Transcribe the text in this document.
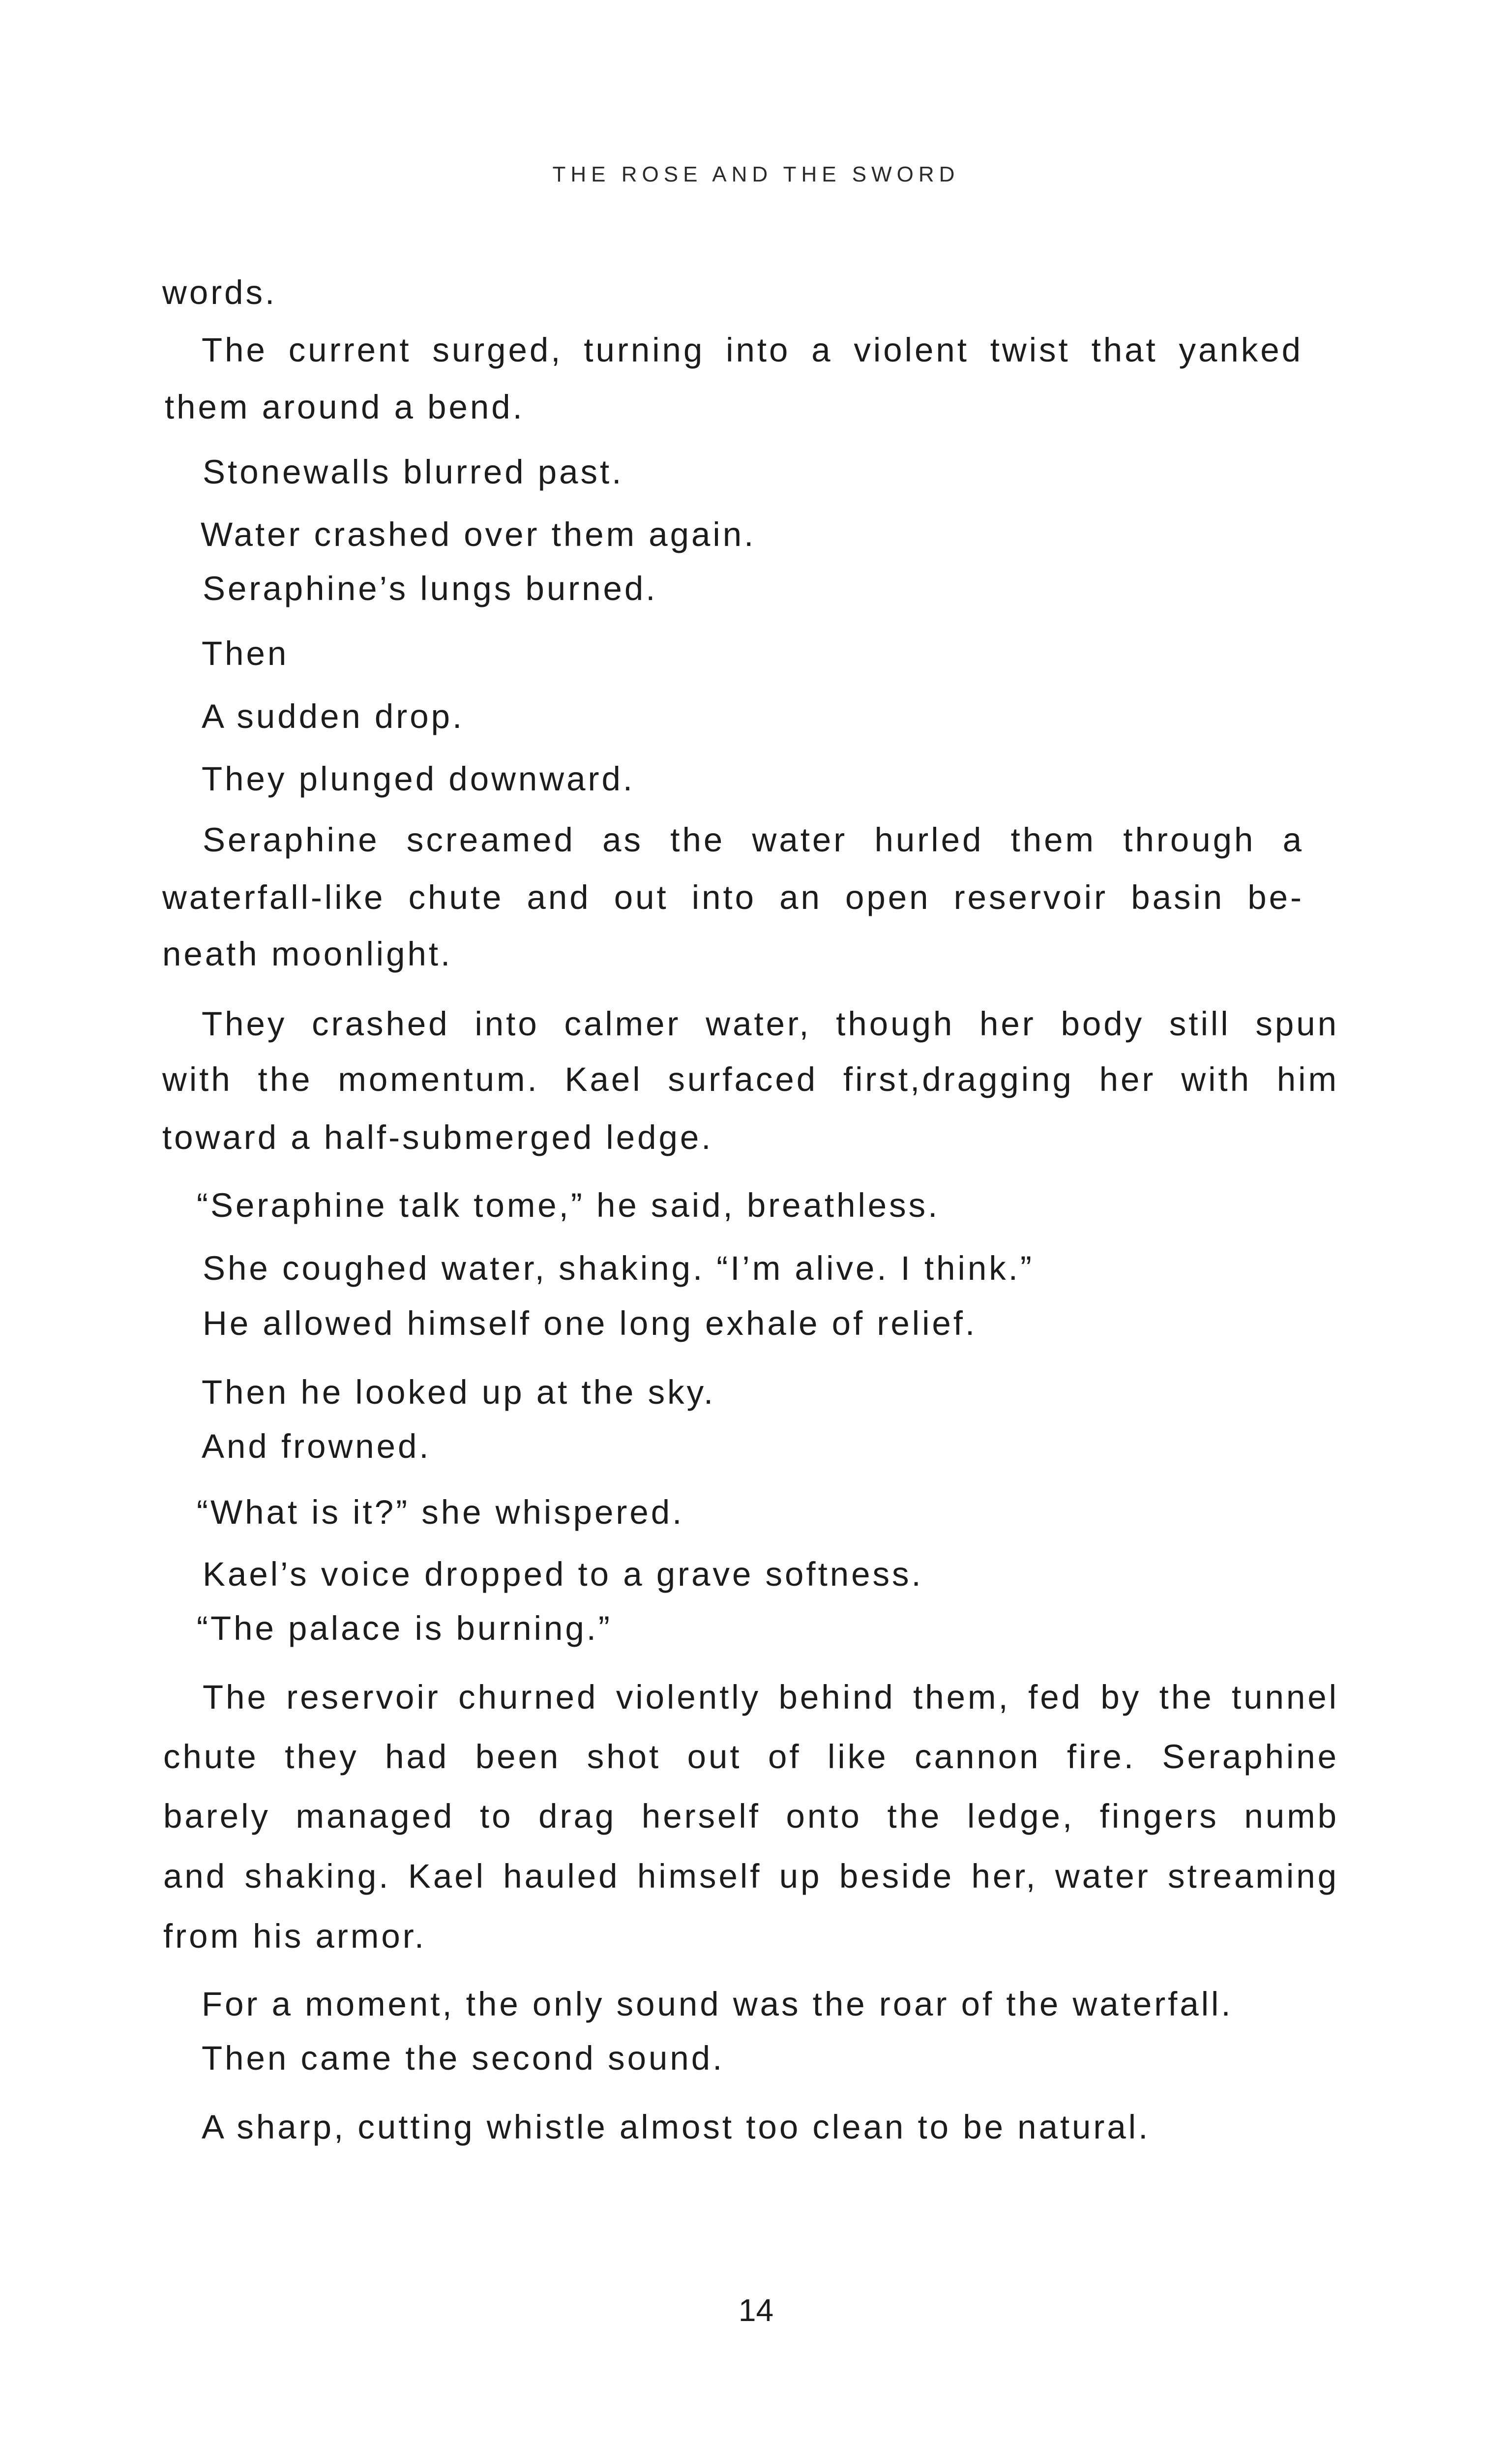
THE ROSE AND THE SWORD
words.
The current surged, turning into a violent twist that yanked
them around a bend.
Stonewalls blurred past.
Water crashed over them again.
Seraphine’s lungs burned.
Then
A sudden drop.
They plunged downward.
Seraphine screamed as the water hurled them through a
waterfall-like chute and out into an open reservoir basin be-
neath moonlight.
They crashed into calmer water, though her body still spun
with the momentum. Kael surfaced first,dragging her with him
toward a half-submerged ledge.
“Seraphine talk tome,” he said, breathless.
She coughed water, shaking. “I’m alive. I think.”
He allowed himself one long exhale of relief.
Then he looked up at the sky.
And frowned.
“What is it?” she whispered.
Kael’s voice dropped to a grave softness.
“The palace is burning.”
The reservoir churned violently behind them, fed by the tunnel
chute they had been shot out of like cannon fire. Seraphine
barely managed to drag herself onto the ledge, fingers numb
and shaking. Kael hauled himself up beside her, water streaming
from his armor.
For a moment, the only sound was the roar of the waterfall.
Then came the second sound.
A sharp, cutting whistle almost too clean to be natural.
14
